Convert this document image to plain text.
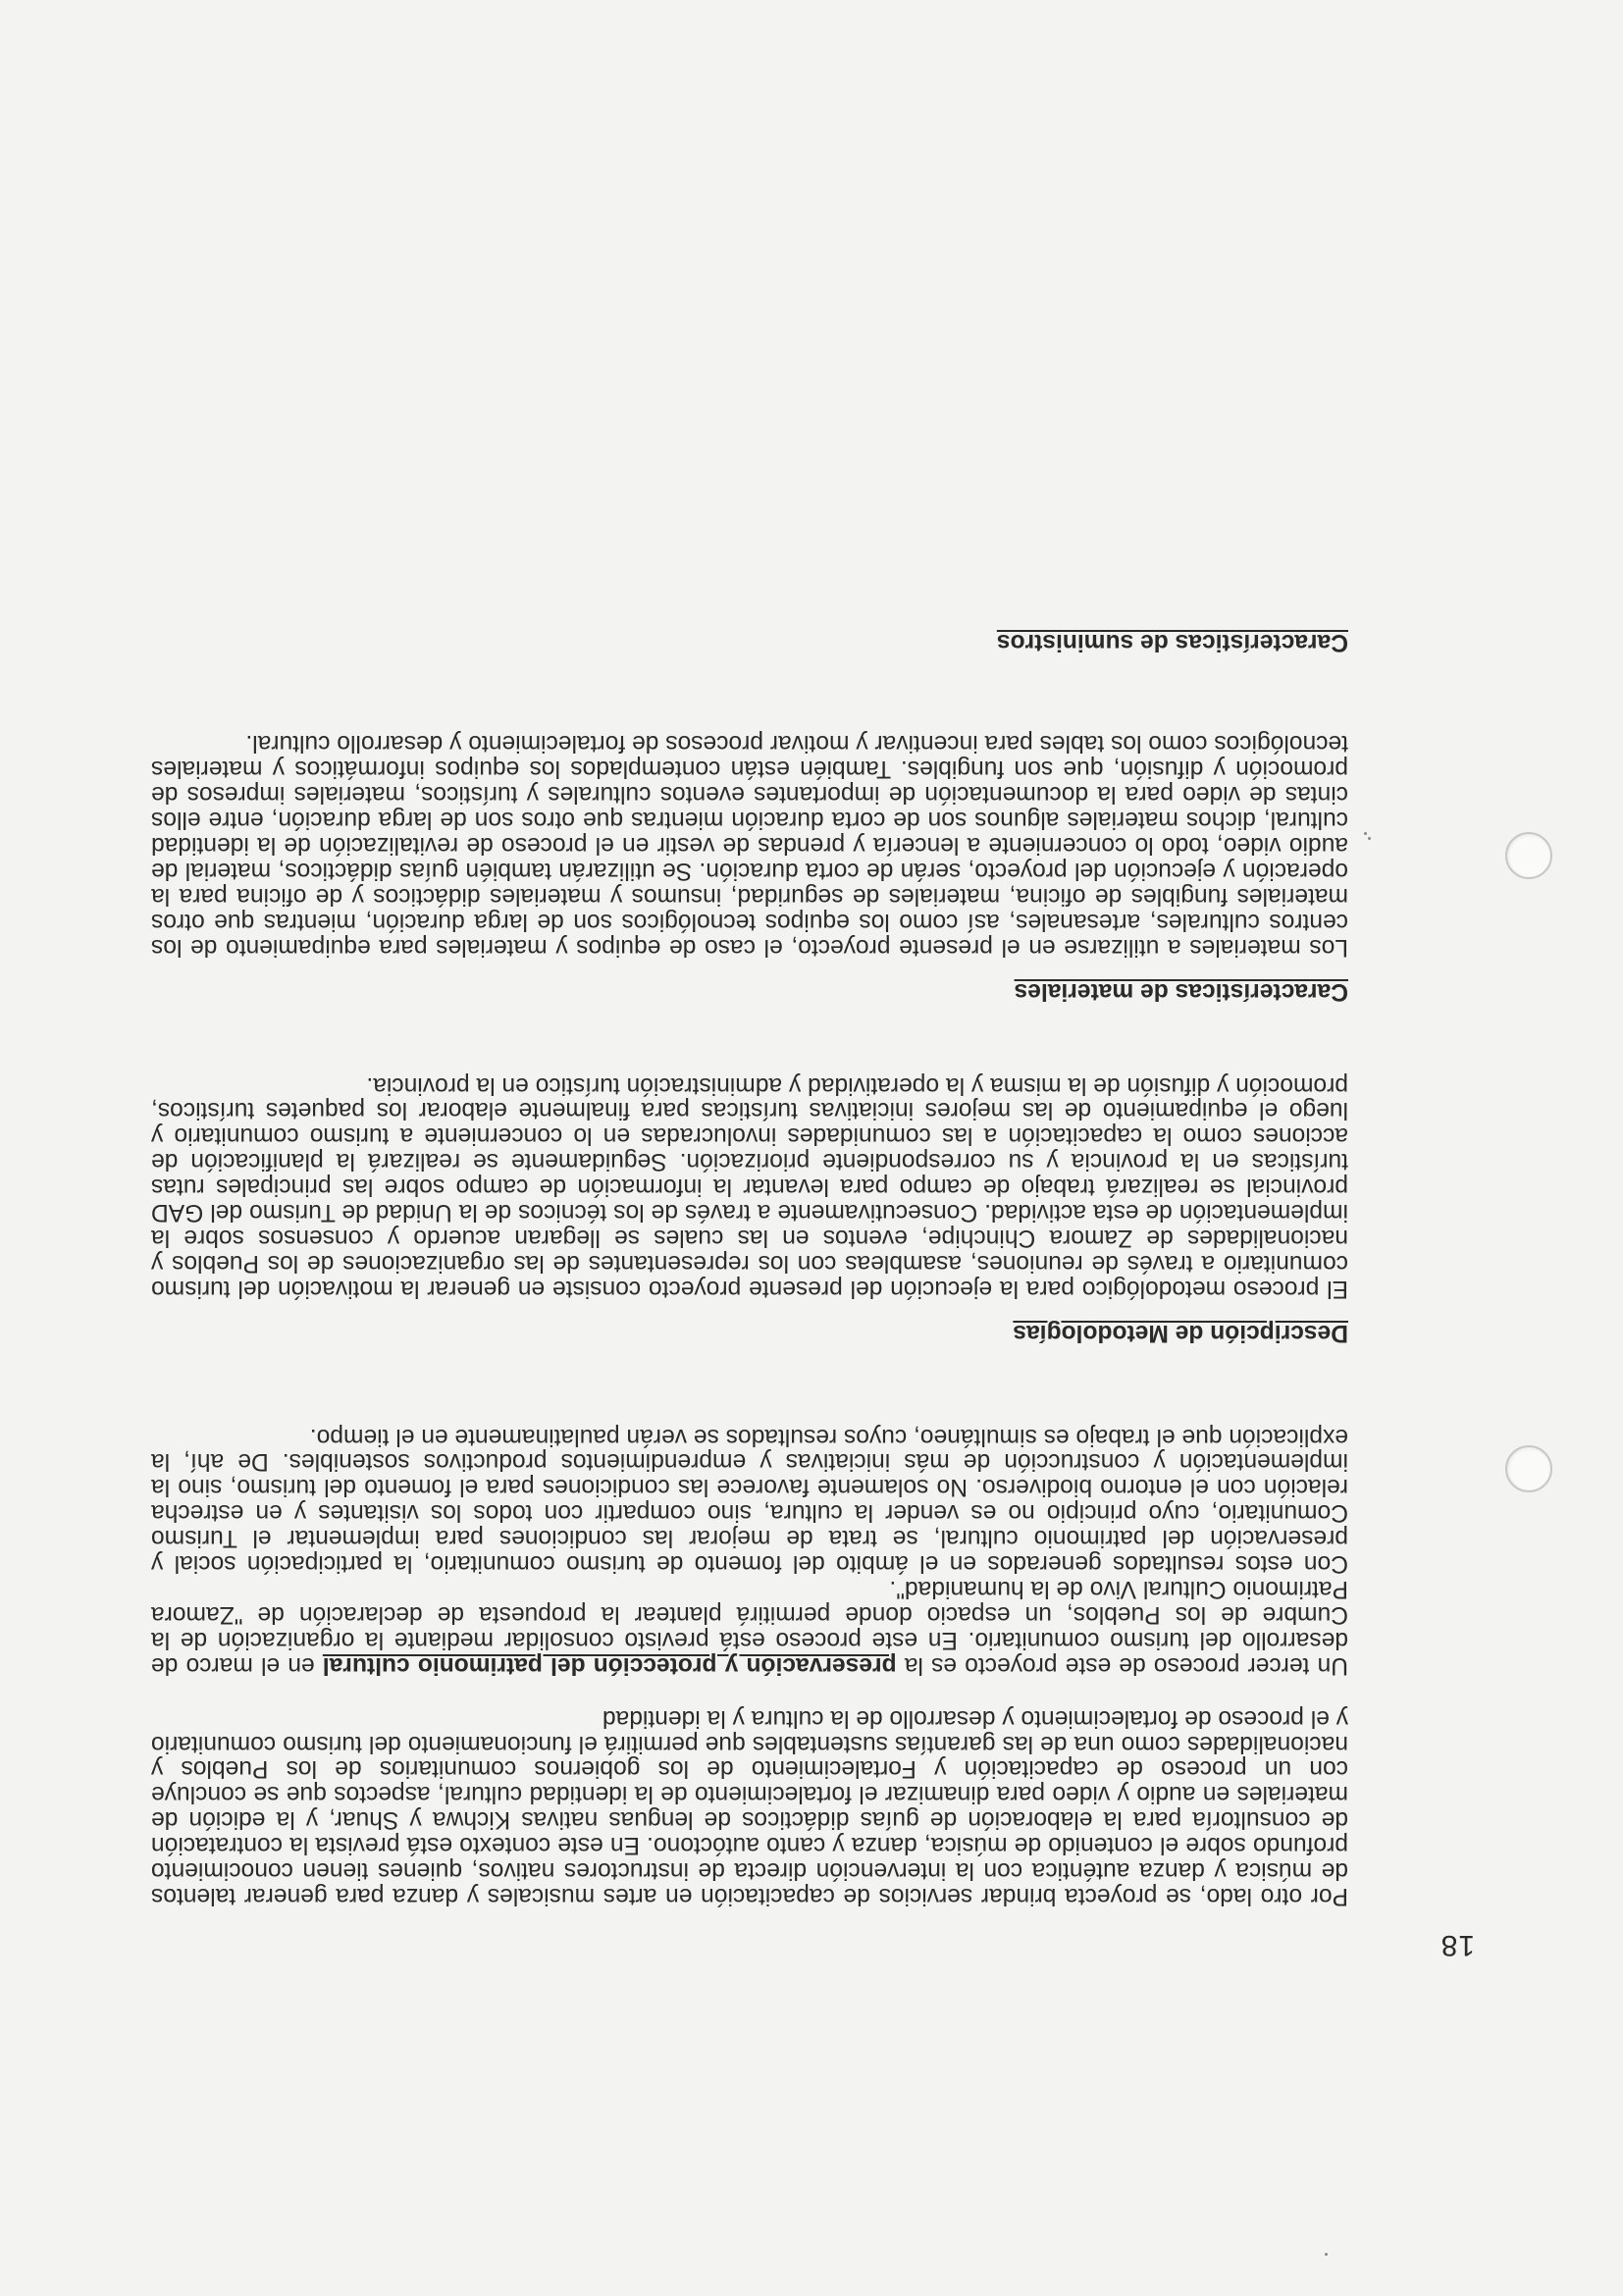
18

Por otro lado, se proyecta brindar servicios de capacitación en artes musicales y danza para generar talentos de música y danza auténtica con la intervención directa de instructores nativos, quienes tienen conocimiento profundo sobre el contenido de música, danza y canto autóctono. En este contexto está prevista la contratación de consultoría para la elaboración de guías didácticos de lenguas nativas Kichwa y Shuar, y la edición de materiales en audio y video para dinamizar el fortalecimiento de la identidad cultural, aspectos que se concluye con un proceso de capacitación y Fortalecimiento de los gobiernos comunitarios de los Pueblos y nacionalidades como una de las garantías sustentables que permitirá el funcionamiento del turismo comunitario y el proceso de fortalecimiento y desarrollo de la cultura y la identidad

Un tercer proceso de este proyecto es la preservación y protección del patrimonio cultural en el marco de desarrollo del turismo comunitario. En este proceso está previsto consolidar mediante la organización de la Cumbre de los Pueblos, un espacio donde permitirá plantear la propuesta de declaración de "Zamora Patrimonio Cultural Vivo de la humanidad".

Con estos resultados generados en el ámbito del fomento de turismo comunitario, la participación social y preservación del patrimonio cultural, se trata de mejorar las condiciones para implementar el Turismo Comunitario, cuyo principio no es vender la cultura, sino compartir con todos los visitantes y en estrecha relación con el entorno biodiverso. No solamente favorece las condiciones para el fomento del turismo, sino la implementación y construcción de más iniciativas y emprendimientos productivos sostenibles. De ahí, la explicación que el trabajo es simultáneo, cuyos resultados se verán paulatinamente en el tiempo.

Descripción de Metodologías

El proceso metodológico para la ejecución del presente proyecto consiste en generar la motivación del turismo comunitario a través de reuniones, asambleas con los representantes de las organizaciones de los Pueblos y nacionalidades de Zamora Chinchipe, eventos en las cuales se llegaran acuerdo y consensos sobre la implementación de esta actividad. Consecutivamente a través de los técnicos de la Unidad de Turismo del GAD provincial se realizará trabajo de campo para levantar la información de campo sobre las principales rutas turísticas en la provincia y su correspondiente priorización. Seguidamente se realizará la planificación de acciones como la capacitación a las comunidades involucradas en lo concerniente a turismo comunitario y luego el equipamiento de las mejores iniciativas turísticas para finalmente elaborar los paquetes turísticos, promoción y difusión de la misma y la operatividad y administración turístico en la provincia.

Características de materiales

Los materiales a utilizarse en el presente proyecto, el caso de equipos y materiales para equipamiento de los centros culturales, artesanales, así como los equipos tecnológicos son de larga duración, mientras que otros materiales fungibles de oficina, materiales de seguridad, insumos y materiales didácticos y de oficina para la operación y ejecución del proyecto, serán de corta duración. Se utilizarán también guías didácticos, material de audio video, todo lo concerniente a lencería y prendas de vestir en el proceso de revitalización de la identidad cultural, dichos materiales algunos son de corta duración mientras que otros son de larga duración, entre ellos cintas de video para la documentación de importantes eventos culturales y turísticos, materiales impresos de promoción y difusión, que son fungibles. También están contemplados los equipos informáticos y materiales tecnológicos como los tables para incentivar y motivar procesos de fortalecimiento y desarrollo cultural.

Características de suministros
